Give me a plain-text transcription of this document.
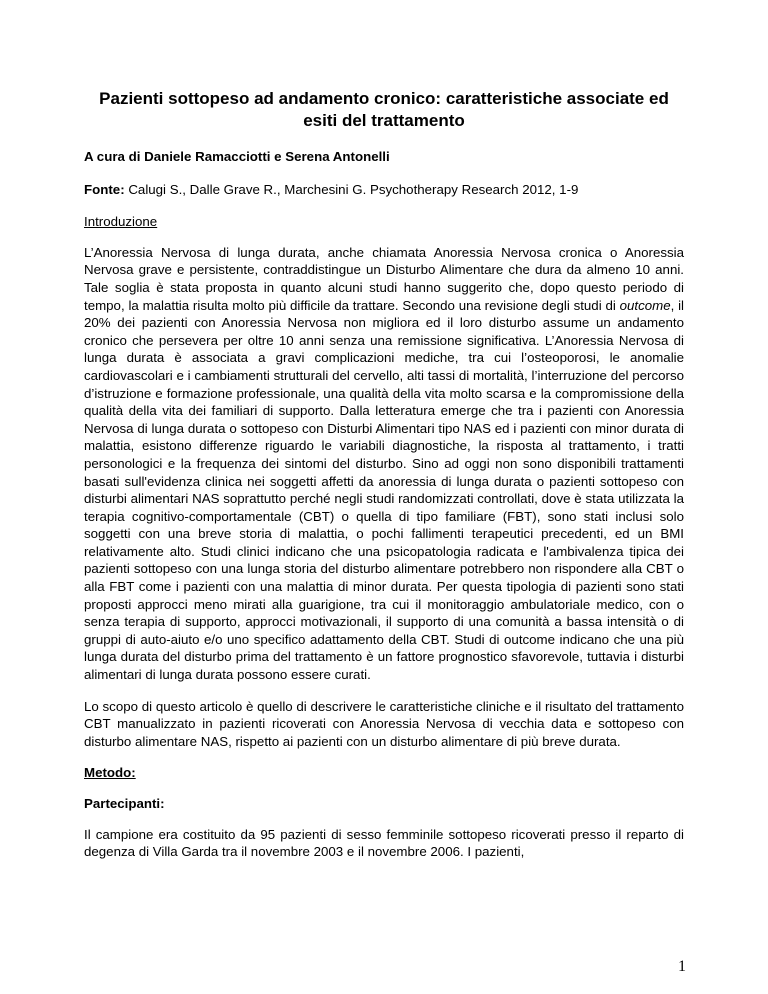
Pazienti sottopeso ad andamento cronico: caratteristiche associate ed esiti del trattamento
A cura di Daniele Ramacciotti e Serena Antonelli
Fonte: Calugi S., Dalle Grave R., Marchesini G. Psychotherapy Research 2012, 1-9
Introduzione
L’Anoressia Nervosa di lunga durata, anche chiamata Anoressia Nervosa cronica o Anoressia Nervosa grave e persistente, contraddistingue un Disturbo Alimentare che dura da almeno 10 anni. Tale soglia è stata proposta in quanto alcuni studi hanno suggerito che, dopo questo periodo di tempo, la malattia risulta molto più difficile da trattare. Secondo una revisione degli studi di outcome, il 20% dei pazienti con Anoressia Nervosa non migliora ed il loro disturbo assume un andamento cronico che persevera per oltre 10 anni senza una remissione significativa. L’Anoressia Nervosa di lunga durata è associata a gravi complicazioni mediche, tra cui l’osteoporosi, le anomalie cardiovascolari e i cambiamenti strutturali del cervello, alti tassi di mortalità, l’interruzione del percorso d’istruzione e formazione professionale, una qualità della vita molto scarsa e la compromissione della qualità della vita dei familiari di supporto. Dalla letteratura emerge che tra i pazienti con Anoressia Nervosa di lunga durata o sottopeso con Disturbi Alimentari tipo NAS ed i pazienti con minor durata di malattia, esistono differenze riguardo le variabili diagnostiche, la risposta al trattamento, i tratti personologici e la frequenza dei sintomi del disturbo. Sino ad oggi non sono disponibili trattamenti basati sull'evidenza clinica nei soggetti affetti da anoressia di lunga durata o pazienti sottopeso con disturbi alimentari NAS soprattutto perché negli studi randomizzati controllati, dove è stata utilizzata la terapia cognitivo-comportamentale (CBT) o quella di tipo familiare (FBT), sono stati inclusi solo soggetti con una breve storia di malattia, o pochi fallimenti terapeutici precedenti, ed un BMI relativamente alto. Studi clinici indicano che una psicopatologia radicata e l'ambivalenza tipica dei pazienti sottopeso con una lunga storia del disturbo alimentare potrebbero non rispondere alla CBT o alla FBT come i pazienti con una malattia di minor durata. Per questa tipologia di pazienti sono stati proposti approcci meno mirati alla guarigione, tra cui il monitoraggio ambulatoriale medico, con o senza terapia di supporto, approcci motivazionali, il supporto di una comunità a bassa intensità o di gruppi di auto-aiuto e/o uno specifico adattamento della CBT. Studi di outcome indicano che una più lunga durata del disturbo prima del trattamento è un fattore prognostico sfavorevole, tuttavia i disturbi alimentari di lunga durata possono essere curati.
Lo scopo di questo articolo è quello di descrivere le caratteristiche cliniche e il risultato del trattamento CBT manualizzato in pazienti ricoverati con Anoressia Nervosa di vecchia data e sottopeso con disturbo alimentare NAS, rispetto ai pazienti con un disturbo alimentare di più breve durata.
Metodo:
Partecipanti:
Il campione era costituito da 95 pazienti di sesso femminile sottopeso ricoverati presso il reparto di degenza di Villa Garda tra il novembre 2003 e il novembre 2006. I pazienti,
1
